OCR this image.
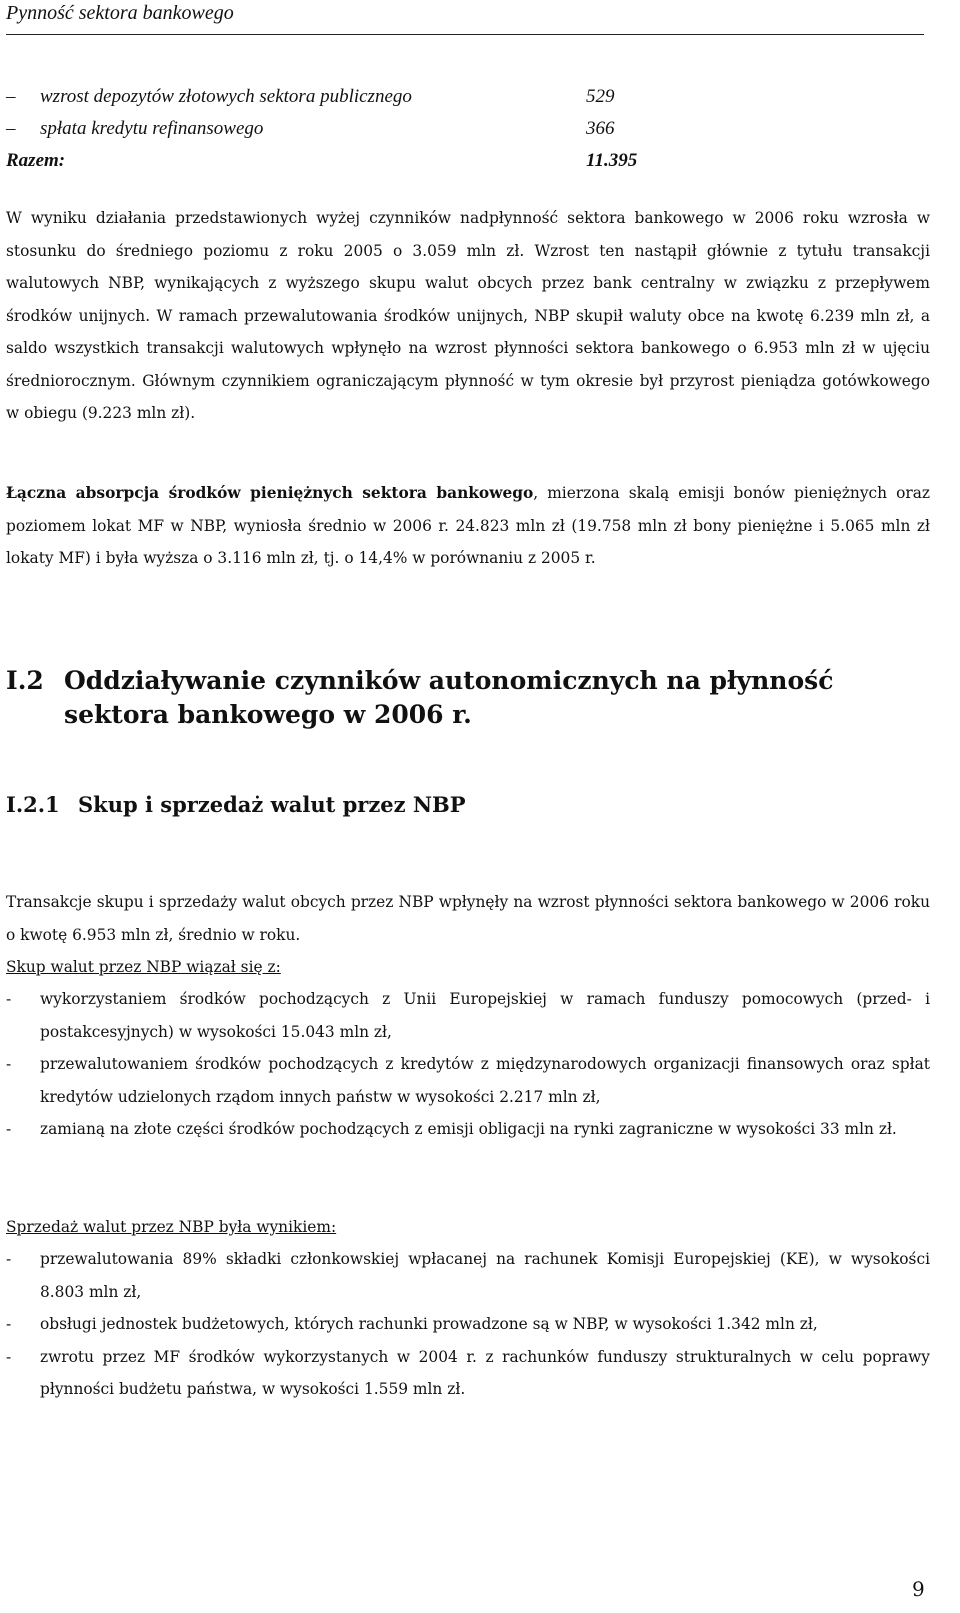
Pynność sektora bankowego
– wzrost depozytów złotowych sektora publicznego	529
– spłata kredytu refinansowego	366
Razem:	11.395

W wyniku działania przedstawionych wyżej czynników nadpłynność sektora bankowego w 2006 roku wzrosła w stosunku do średniego poziomu z roku 2005 o 3.059 mln zł. Wzrost ten nastąpił głównie z tytułu transakcji walutowych NBP, wynikających z wyższego skupu walut obcych przez bank centralny w związku z przepływem środków unijnych. W ramach przewalutowania środków unijnych, NBP skupił waluty obce na kwotę 6.239 mln zł, a saldo wszystkich transakcji walutowych wpłynęło na wzrost płynności sektora bankowego o 6.953 mln zł w ujęciu średniorocznym. Głównym czynnikiem ograniczającym płynność w tym okresie był przyrost pieniądza gotówkowego w obiegu (9.223 mln zł).

Łączna absorpcja środków pieniężnych sektora bankowego, mierzona skalą emisji bonów pieniężnych oraz poziomem lokat MF w NBP, wyniosła średnio w 2006 r. 24.823 mln zł (19.758 mln zł bony pieniężne i 5.065 mln zł lokaty MF) i była wyższa o 3.116 mln zł, tj. o 14,4% w porównaniu z 2005 r.

I.2 Oddziaływanie czynników autonomicznych na płynność sektora bankowego w 2006 r.
I.2.1 Skup i sprzedaż walut przez NBP

Transakcje skupu i sprzedaży walut obcych przez NBP wpłynęły na wzrost płynności sektora bankowego w 2006 roku o kwotę 6.953 mln zł, średnio w roku.

Skup walut przez NBP wiązał się z:
- wykorzystaniem środków pochodzących z Unii Europejskiej w ramach funduszy pomocowych (przed- i postakcesyjnych) w wysokości 15.043 mln zł,
- przewalutowaniem środków pochodzących z kredytów z międzynarodowych organizacji finansowych oraz spłat kredytów udzielonych rządom innych państw w wysokości 2.217 mln zł,
- zamianą na złote części środków pochodzących z emisji obligacji na rynki zagraniczne w wysokości 33 mln zł.
Sprzedaż walut przez NBP była wynikiem:
- przewalutowania 89% składki członkowskiej wpłacanej na rachunek Komisji Europejskiej (KE), w wysokości 8.803 mln zł,
- obsługi jednostek budżetowych, których rachunki prowadzone są w NBP, w wysokości 1.342 mln zł,
- zwrotu przez MF środków wykorzystanych w 2004 r. z rachunków funduszy strukturalnych w celu poprawy płynności budżetu państwa, w wysokości 1.559 mln zł.
9
